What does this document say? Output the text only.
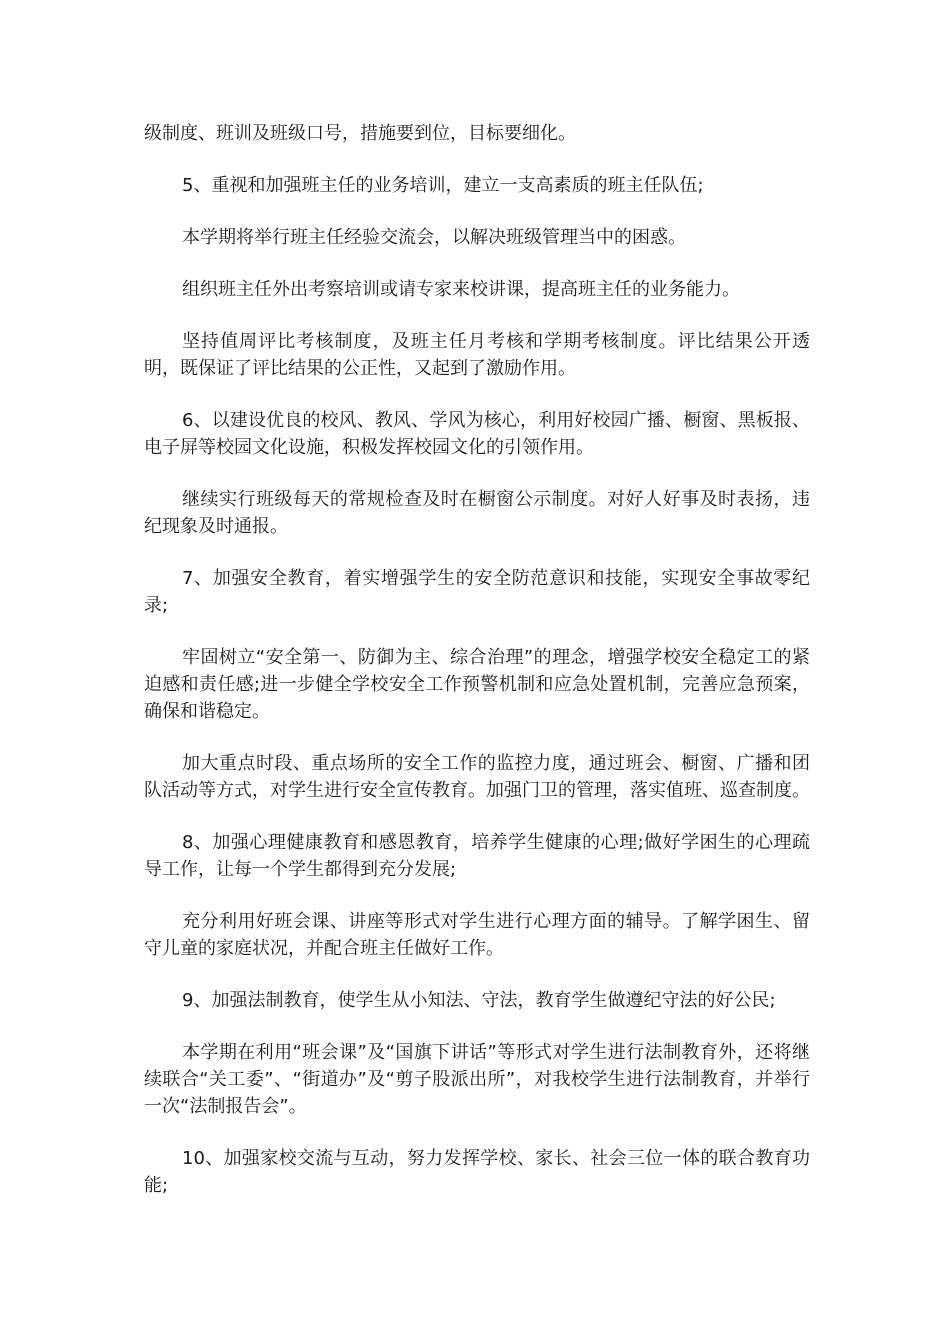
级制度、班训及班级口号，措施要到位，目标要细化。

5、重视和加强班主任的业务培训，建立一支高素质的班主任队伍;

本学期将举行班主任经验交流会，以解决班级管理当中的困惑。

组织班主任外出考察培训或请专家来校讲课，提高班主任的业务能力。

坚持值周评比考核制度，及班主任月考核和学期考核制度。评比结果公开透明，既保证了评比结果的公正性，又起到了激励作用。

6、以建设优良的校风、教风、学风为核心，利用好校园广播、橱窗、黑板报、电子屏等校园文化设施，积极发挥校园文化的引领作用。

继续实行班级每天的常规检查及时在橱窗公示制度。对好人好事及时表扬，违纪现象及时通报。

7、加强安全教育，着实增强学生的安全防范意识和技能，实现安全事故零纪录;

牢固树立“安全第一、防御为主、综合治理”的理念，增强学校安全稳定工的紧迫感和责任感;进一步健全学校安全工作预警机制和应急处置机制，完善应急预案，确保和谐稳定。

加大重点时段、重点场所的安全工作的监控力度，通过班会、橱窗、广播和团队活动等方式，对学生进行安全宣传教育。加强门卫的管理，落实值班、巡查制度。

8、加强心理健康教育和感恩教育，培养学生健康的心理;做好学困生的心理疏导工作，让每一个学生都得到充分发展;

充分利用好班会课、讲座等形式对学生进行心理方面的辅导。了解学困生、留守儿童的家庭状况，并配合班主任做好工作。

9、加强法制教育，使学生从小知法、守法，教育学生做遵纪守法的好公民;

本学期在利用“班会课”及“国旗下讲话”等形式对学生进行法制教育外，还将继续联合“关工委”、“街道办”及“剪子股派出所”，对我校学生进行法制教育，并举行一次“法制报告会”。

10、加强家校交流与互动，努力发挥学校、家长、社会三位一体的联合教育功能;
